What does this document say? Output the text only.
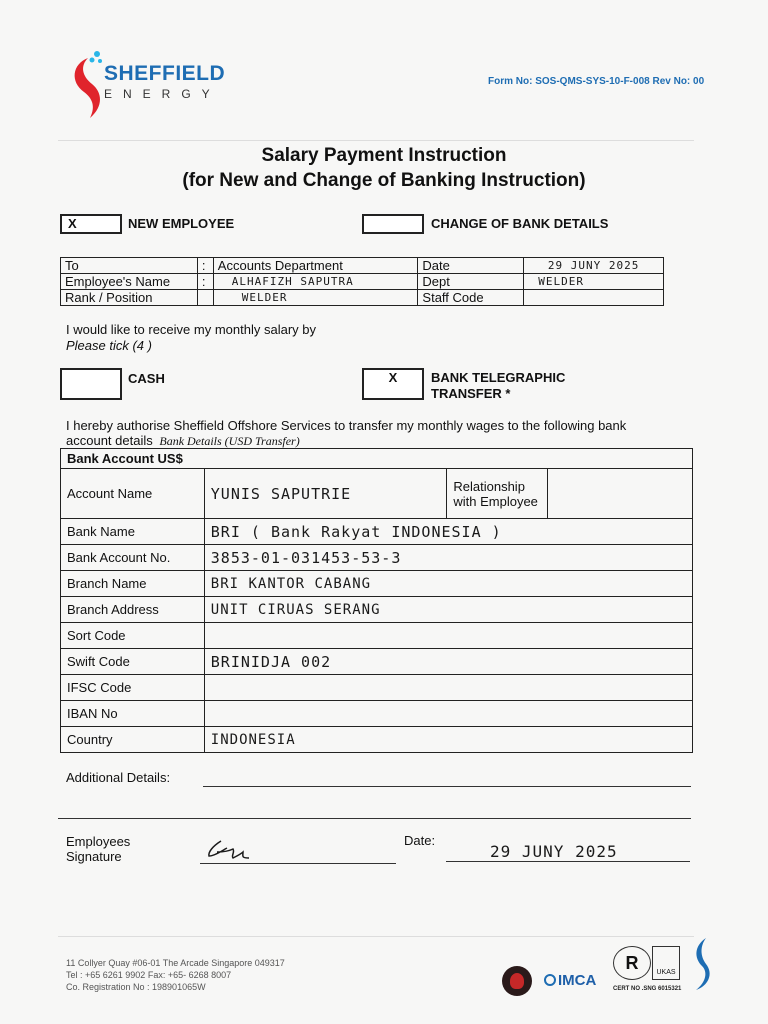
SHEFFIELD
ENERGY
Form No: SOS-QMS-SYS-10-F-008 Rev No: 00
Salary Payment Instruction
(for New and Change of Banking Instruction)
X	NEW EMPLOYEE	CHANGE OF BANK DETAILS
To	:	Accounts Department	Date	29 JUNY 2025
Employee's Name	:	ALHAFIZH SAPUTRA	Dept	WELDER
Rank / Position		WELDER	Staff Code	
I would like to receive my monthly salary by
Please tick (4 )
CASH	X	BANK TELEGRAPHIC
TRANSFER *
I hereby authorise Sheffield Offshore Services to transfer my monthly wages to the following bank
account details Bank Details (USD Transfer)
Bank Account US$			
Account Name	YUNIS SAPUTRIE	Relationship with Employee	
Bank Name	BRI ( Bank Rakyat INDONESIA )		
Bank Account No.	3853-01-031453-53-3		
Branch Name	BRI KANTOR CABANG		
Branch Address	UNIT CIRUAS SERANG		
Sort Code			
Swift Code	BRINIDJA 002		
IFSC Code			
IBAN No			
Country	INDONESIA		
Additional Details:
Employees
Signature
Date:
29 JUNY 2025
11 Collyer Quay #06-01 The Arcade Singapore 049317
Tel : +65 6261 9902 Fax: +65- 6268 8007
Co. Registration No : 198901065W	IMCA
R	UKAS
CERT NO .SNG 6015321
